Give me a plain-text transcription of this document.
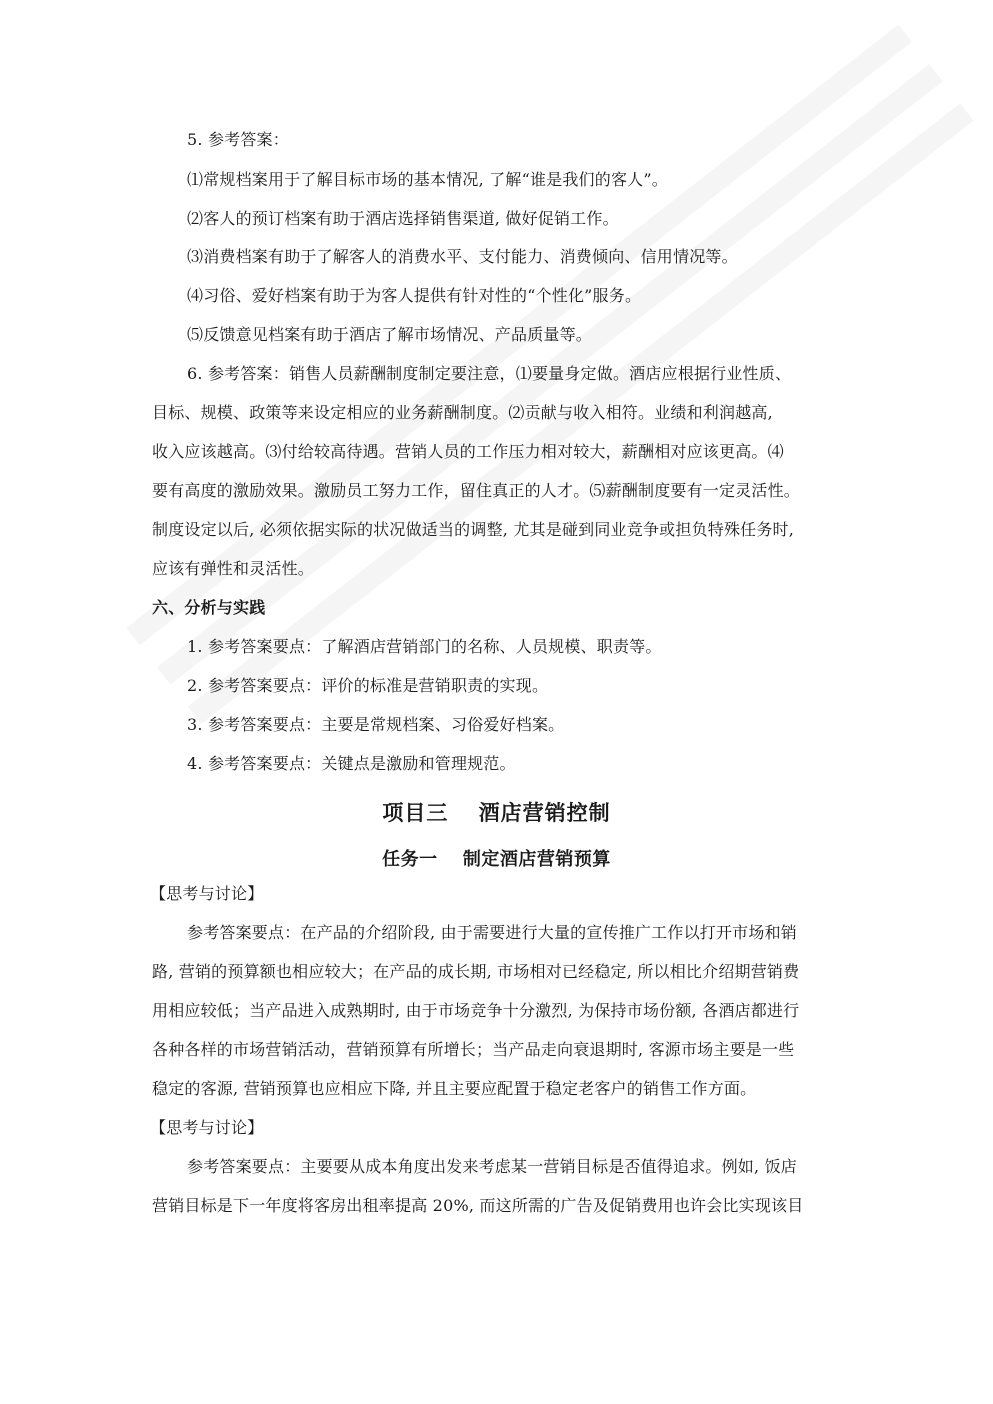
5. 参考答案：
⑴常规档案用于了解目标市场的基本情况, 了解“谁是我们的客人”。
⑵客人的预订档案有助于酒店选择销售渠道, 做好促销工作。
⑶消费档案有助于了解客人的消费水平、支付能力、消费倾向、信用情况等。
⑷习俗、爱好档案有助于为客人提供有针对性的“个性化”服务。
⑸反馈意见档案有助于酒店了解市场情况、产品质量等。
6. 参考答案：销售人员薪酬制度制定要注意，⑴要量身定做。酒店应根据行业性质、
目标、规模、政策等来设定相应的业务薪酬制度。⑵贡献与收入相符。业绩和利润越高,
收入应该越高。⑶付给较高待遇。营销人员的工作压力相对较大，薪酬相对应该更高。⑷
要有高度的激励效果。激励员工努力工作，留住真正的人才。⑸薪酬制度要有一定灵活性。
制度设定以后, 必须依据实际的状况做适当的调整, 尤其是碰到同业竞争或担负特殊任务时,
应该有弹性和灵活性。
六、分析与实践
1. 参考答案要点：了解酒店营销部门的名称、人员规模、职责等。
2. 参考答案要点：评价的标准是营销职责的实现。
3. 参考答案要点：主要是常规档案、习俗爱好档案。
4. 参考答案要点：关键点是激励和管理规范。
项目三　 酒店营销控制
任务一　 制定酒店营销预算
【思考与讨论】
参考答案要点：在产品的介绍阶段, 由于需要进行大量的宣传推广工作以打开市场和销
路, 营销的预算额也相应较大；在产品的成长期, 市场相对已经稳定, 所以相比介绍期营销费
用相应较低；当产品进入成熟期时, 由于市场竞争十分激烈, 为保持市场份额, 各酒店都进行
各种各样的市场营销活动，营销预算有所增长；当产品走向衰退期时, 客源市场主要是一些
稳定的客源, 营销预算也应相应下降, 并且主要应配置于稳定老客户的销售工作方面。
【思考与讨论】
参考答案要点：主要要从成本角度出发来考虑某一营销目标是否值得追求。例如, 饭店
营销目标是下一年度将客房出租率提高 20%, 而这所需的广告及促销费用也许会比实现该目
